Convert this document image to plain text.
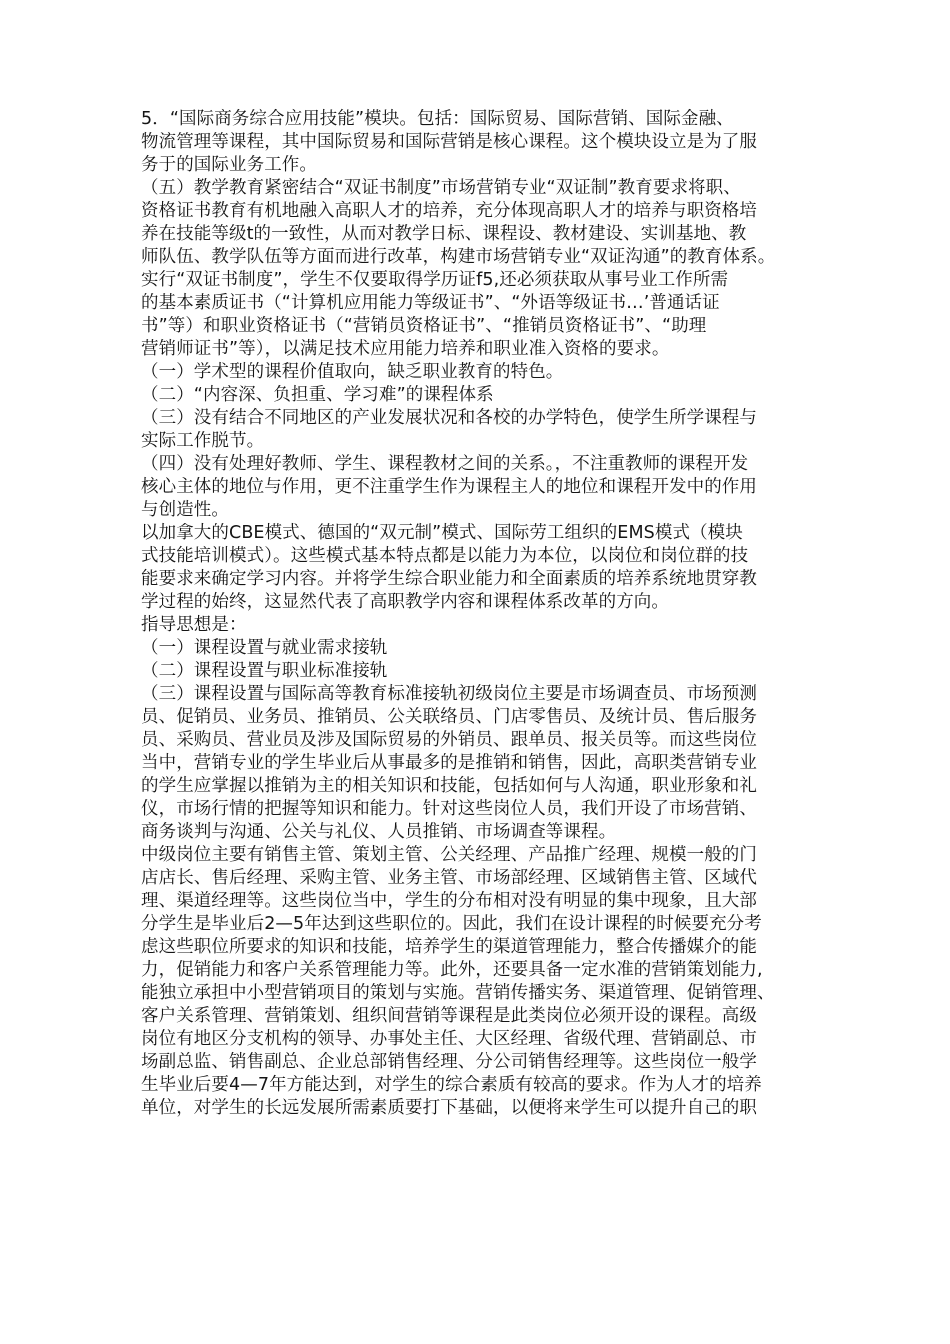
5．“国际商务综合应用技能”模块。包括：国际贸易、国际营销、国际金融、
物流管理等课程，其中国际贸易和国际营销是核心课程。这个模块设立是为了服
务于的国际业务工作。
（五）教学教育紧密结合“双证书制度”市场营销专业“双证制”教育要求将职、
资格证书教育有机地融入高职人才的培养，充分体现高职人才的培养与职资格培
养在技能等级t的一致性，从而对教学日标、课程设、教材建设、实训基地、教
师队伍、教学队伍等方面而进行改革，构建市场营销专业“双证沟通”的教育体系。
实行“双证书制度”，学生不仅要取得学历证f5,还必须获取从事号业工作所需
的基本素质证书（“计算机应用能力等级证书”、“外语等级证书…’普通话证
书”等）和职业资格证书（“营销员资格证书”、“推销员资格证书”、“助理
营销师证书”等），以满足技术应用能力培养和职业准入资格的要求。
（一）学术型的课程价值取向，缺乏职业教育的特色。
（二）“内容深、负担重、学习难”的课程体系
（三）没有结合不同地区的产业发展状况和各校的办学特色，使学生所学课程与
实际工作脱节。
（四）没有处理好教师、学生、课程教材之间的关系。，不注重教师的课程开发
核心主体的地位与作用，更不注重学生作为课程主人的地位和课程开发中的作用
与创造性。
以加拿大的CBE模式、德国的“双元制”模式、国际劳工组织的EMS模式（模块
式技能培训模式）。这些模式基本特点都是以能力为本位，以岗位和岗位群的技
能要求来确定学习内容。并将学生综合职业能力和全面素质的培养系统地贯穿教
学过程的始终，这显然代表了高职教学内容和课程体系改革的方向。
指导思想是：
（一）课程设置与就业需求接轨
（二）课程设置与职业标准接轨
（三）课程设置与国际高等教育标准接轨初级岗位主要是市场调查员、市场预测
员、促销员、业务员、推销员、公关联络员、门店零售员、及统计员、售后服务
员、采购员、营业员及涉及国际贸易的外销员、跟单员、报关员等。而这些岗位
当中，营销专业的学生毕业后从事最多的是推销和销售，因此，高职类营销专业
的学生应掌握以推销为主的相关知识和技能，包括如何与人沟通，职业形象和礼
仪，市场行情的把握等知识和能力。针对这些岗位人员，我们开设了市场营销、
商务谈判与沟通、公关与礼仪、人员推销、市场调查等课程。
中级岗位主要有销售主管、策划主管、公关经理、产品推广经理、规模一般的门
店店长、售后经理、采购主管、业务主管、市场部经理、区域销售主管、区域代
理、渠道经理等。这些岗位当中，学生的分布相对没有明显的集中现象，且大部
分学生是毕业后2—5年达到这些职位的。因此，我们在设计课程的时候要充分考
虑这些职位所要求的知识和技能，培养学生的渠道管理能力，整合传播媒介的能
力，促销能力和客户关系管理能力等。此外，还要具备一定水准的营销策划能力,
能独立承担中小型营销项目的策划与实施。营销传播实务、渠道管理、促销管理、
客户关系管理、营销策划、组织间营销等课程是此类岗位必须开设的课程。高级
岗位有地区分支机构的领导、办事处主任、大区经理、省级代理、营销副总、市
场副总监、销售副总、企业总部销售经理、分公司销售经理等。这些岗位一般学
生毕业后要4—7年方能达到，对学生的综合素质有较高的要求。作为人才的培养
单位，对学生的长远发展所需素质要打下基础，以便将来学生可以提升自己的职
